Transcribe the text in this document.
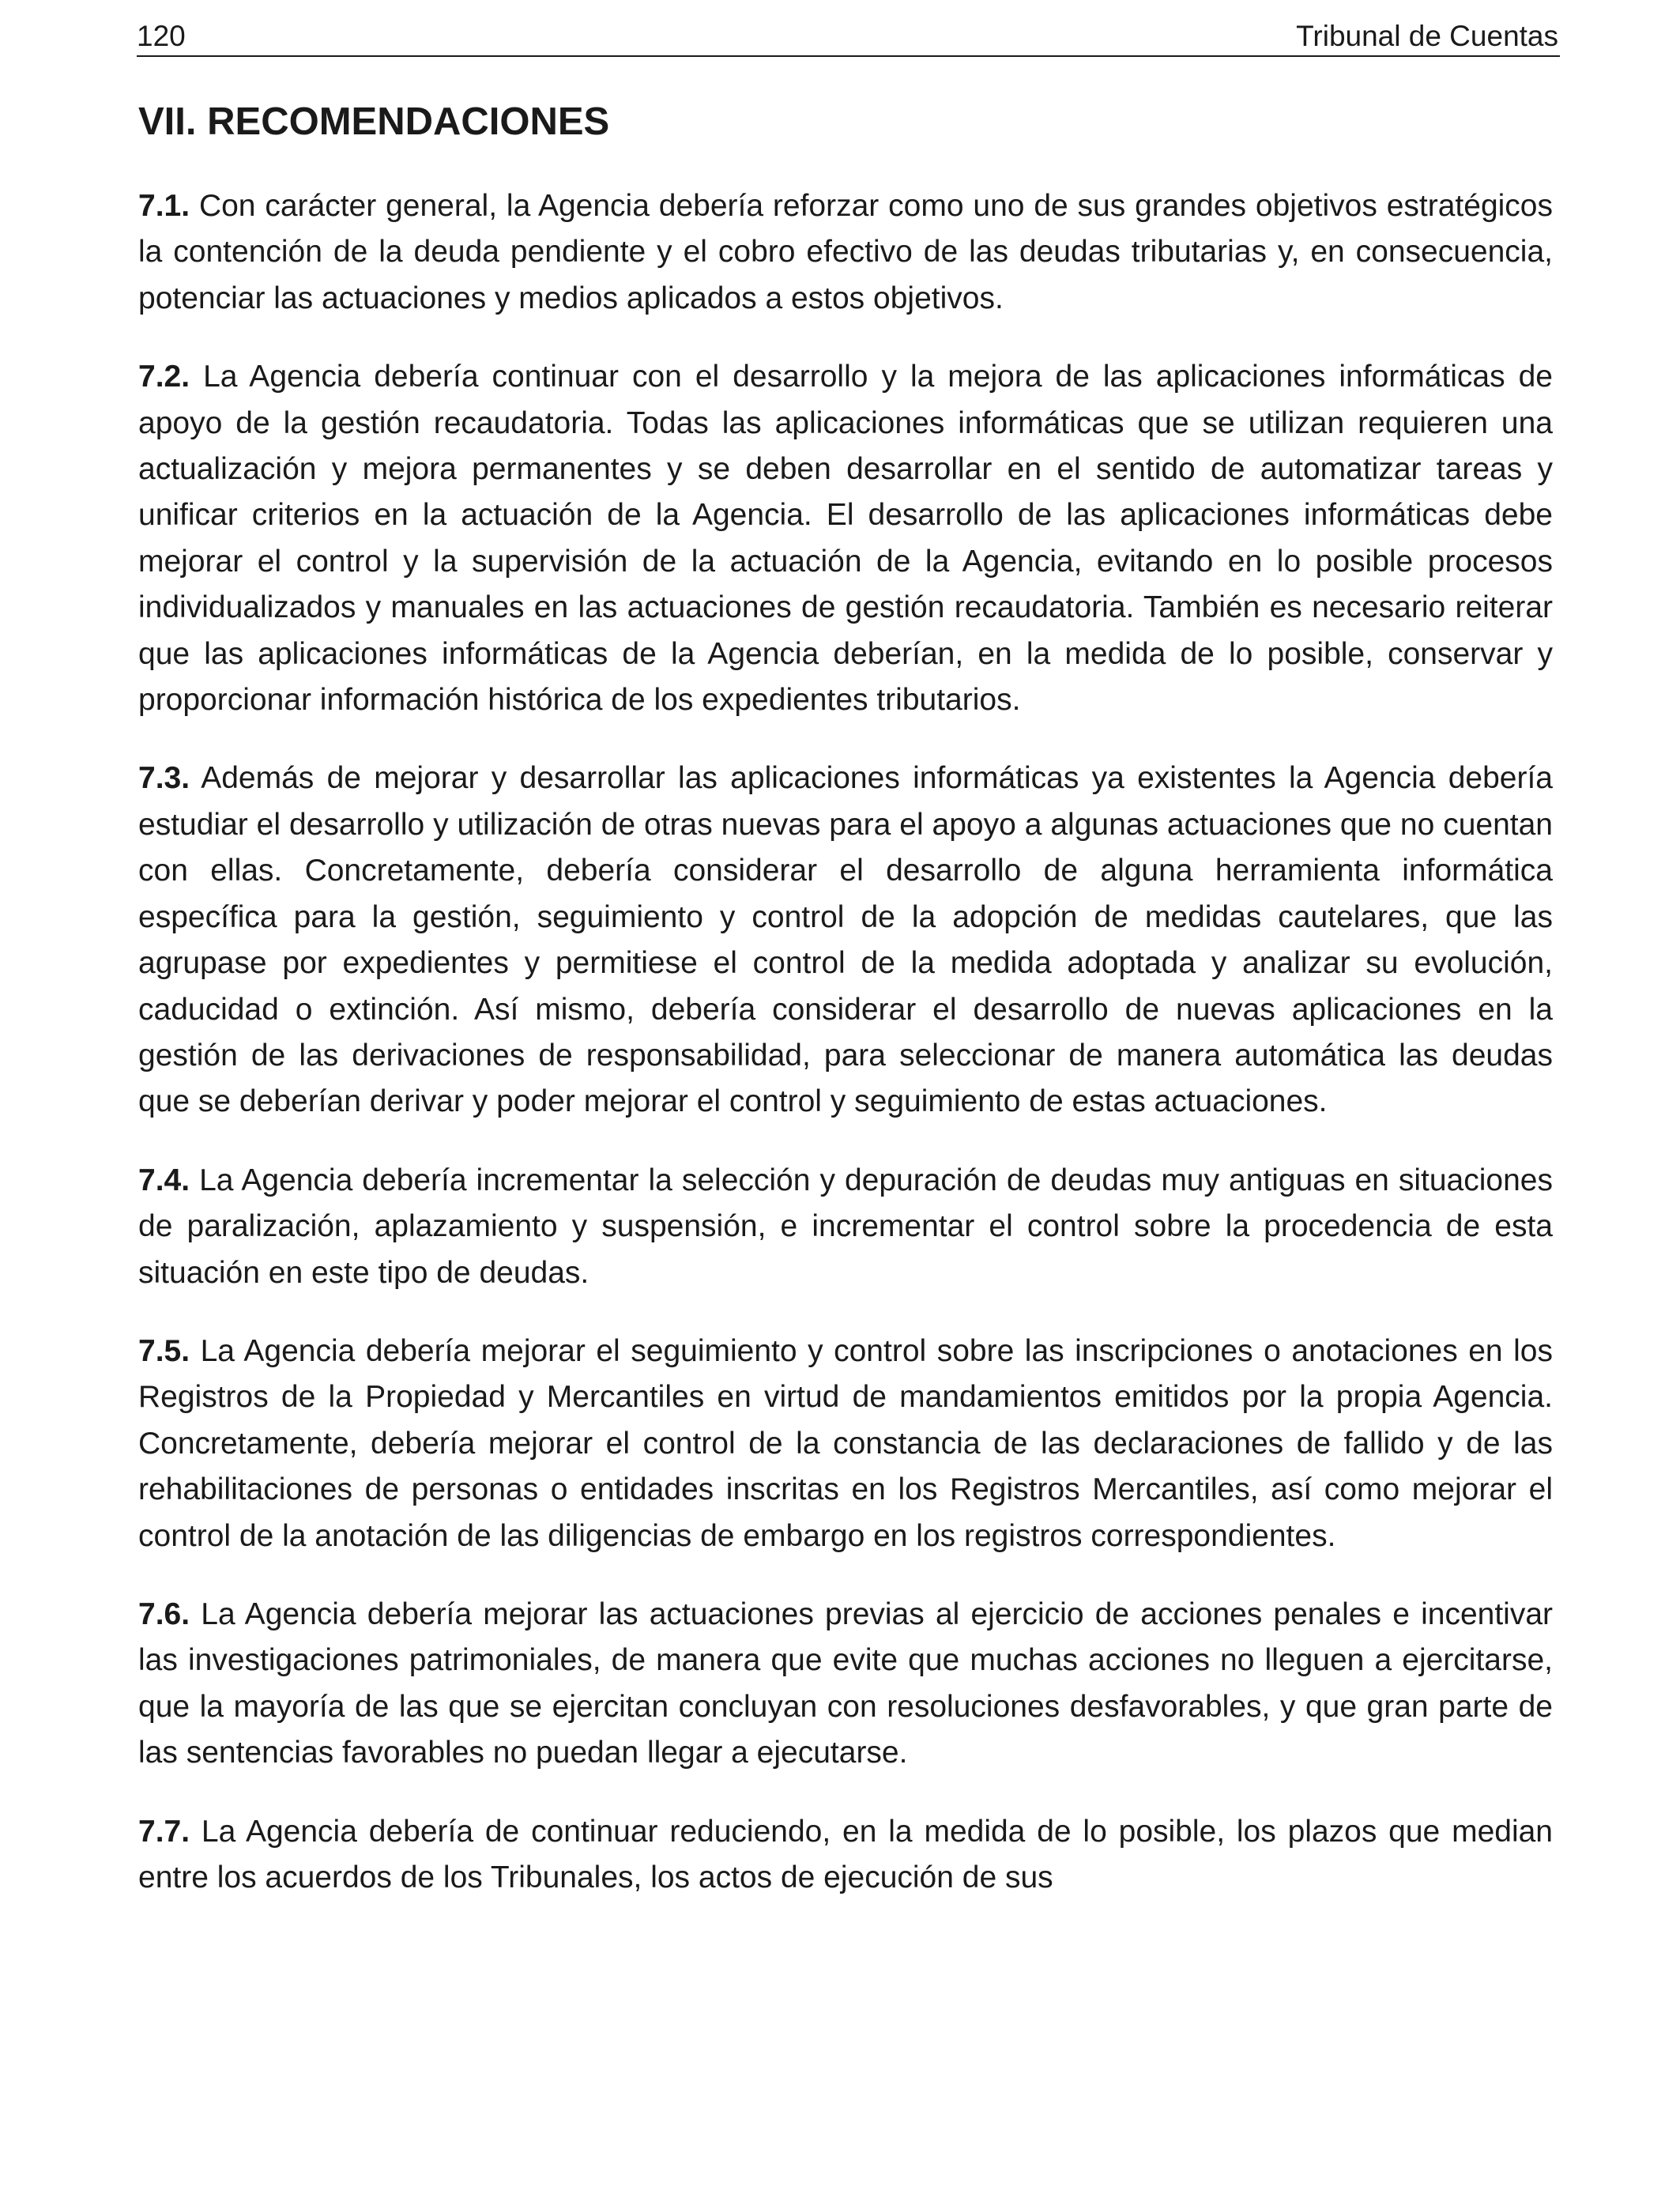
120	Tribunal de Cuentas
VII. RECOMENDACIONES

7.1. Con carácter general, la Agencia debería reforzar como uno de sus grandes objetivos estratégicos la contención de la deuda pendiente y el cobro efectivo de las deudas tributarias y, en consecuencia, potenciar las actuaciones y medios aplicados a estos objetivos.

7.2. La Agencia debería continuar con el desarrollo y la mejora de las aplicaciones informáticas de apoyo de la gestión recaudatoria. Todas las aplicaciones informáticas que se utilizan requieren una actualización y mejora permanentes y se deben desarrollar en el sentido de automatizar tareas y unificar criterios en la actuación de la Agencia. El desarrollo de las aplicaciones informáticas debe mejorar el control y la supervisión de la actuación de la Agencia, evitando en lo posible procesos individualizados y manuales en las actuaciones de gestión recaudatoria. También es necesario reiterar que las aplicaciones informáticas de la Agencia deberían, en la medida de lo posible, conservar y proporcionar información histórica de los expedientes tributarios.

7.3. Además de mejorar y desarrollar las aplicaciones informáticas ya existentes la Agencia debería estudiar el desarrollo y utilización de otras nuevas para el apoyo a algunas actuaciones que no cuentan con ellas. Concretamente, debería considerar el desarrollo de alguna herramienta informática específica para la gestión, seguimiento y control de la adopción de medidas cautelares, que las agrupase por expedientes y permitiese el control de la medida adoptada y analizar su evolución, caducidad o extinción. Así mismo, debería considerar el desarrollo de nuevas aplicaciones en la gestión de las derivaciones de responsabilidad, para seleccionar de manera automática las deudas que se deberían derivar y poder mejorar el control y seguimiento de estas actuaciones.

7.4. La Agencia debería incrementar la selección y depuración de deudas muy antiguas en situaciones de paralización, aplazamiento y suspensión, e incrementar el control sobre la procedencia de esta situación en este tipo de deudas.

7.5. La Agencia debería mejorar el seguimiento y control sobre las inscripciones o anotaciones en los Registros de la Propiedad y Mercantiles en virtud de mandamientos emitidos por la propia Agencia. Concretamente, debería mejorar el control de la constancia de las declaraciones de fallido y de las rehabilitaciones de personas o entidades inscritas en los Registros Mercantiles, así como mejorar el control de la anotación de las diligencias de embargo en los registros correspondientes.

7.6. La Agencia debería mejorar las actuaciones previas al ejercicio de acciones penales e incentivar las investigaciones patrimoniales, de manera que evite que muchas acciones no lleguen a ejercitarse, que la mayoría de las que se ejercitan concluyan con resoluciones desfavorables, y que gran parte de las sentencias favorables no puedan llegar a ejecutarse.

7.7. La Agencia debería de continuar reduciendo, en la medida de lo posible, los plazos que median entre los acuerdos de los Tribunales, los actos de ejecución de sus
